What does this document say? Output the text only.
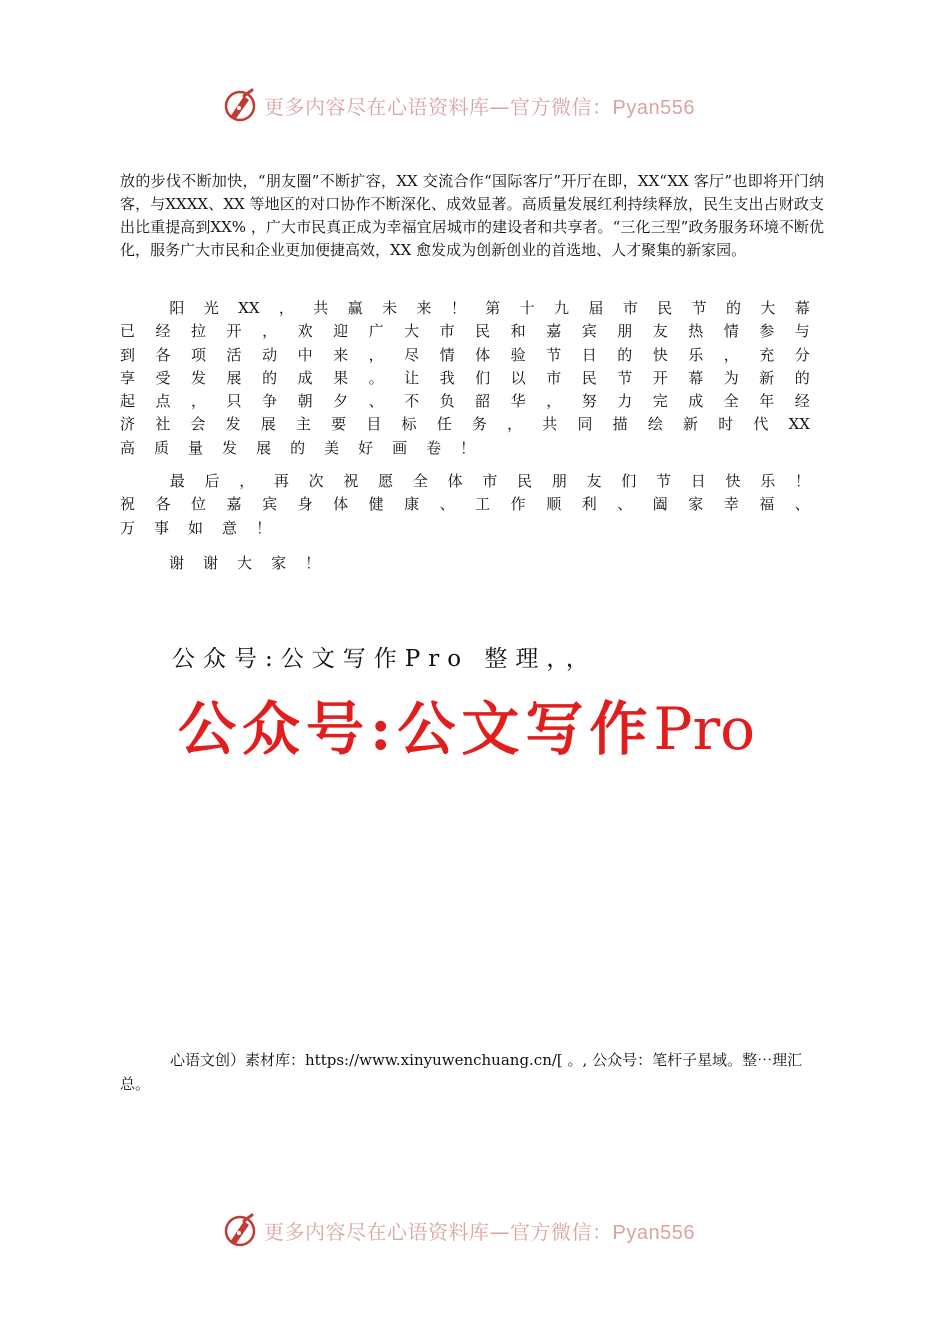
更多内容尽在心语资料库—官方微信：Pyan556

放的步伐不断加快，“朋友圈”不断扩容，XX 交流合作“国际客厅”开厅在即，XX“XX 客厅”也即将开门纳客，与XXXX、XX 等地区的对口协作不断深化、成效显著。高质量发展红利持续释放，民生支出占财政支出比重提高到XX% ，广大市民真正成为幸福宜居城市的建设者和共享者。“三化三型”政务服务环境不断优化，服务广大市民和企业更加便捷高效，XX 愈发成为创新创业的首选地、人才聚集的新家园。

阳 光 XX ， 共 赢 未 来 ！ 第 十 九 届 市 民 节 的 大 幕
已 经 拉 开 ， 欢 迎 广 大 市 民 和 嘉 宾 朋 友 热 情 参 与
到 各 项 活 动 中 来 ， 尽 情 体 验 节 日 的 快 乐 ， 充 分
享 受 发 展 的 成 果 。 让 我 们 以 市 民 节 开 幕 为 新 的
起 点 ， 只 争 朝 夕 、 不 负 韶 华 ， 努 力 完 成 全 年 经
济 社 会 发 展 主 要 目 标 任 务 ， 共 同 描 绘 新 时 代 XX
高 质 量 发 展 的 美 好 画 卷 ！

最 后 ， 再 次 祝 愿 全 体 市 民 朋 友 们 节 日 快 乐 ！
祝 各 位 嘉 宾 身 体 健 康 、 工 作 顺 利 、 阖 家 幸 福 、
万 事 如 意 ！

谢 谢 大 家 ！

公众号:公文写作Pro 整理，，

公众号:公文写作Pro

心语文创）素材库：https://www.xinyuwenchuang.cn/[ 。, 公众号：笔杆子星域。整⋯理汇总。

更多内容尽在心语资料库—官方微信：Pyan556
